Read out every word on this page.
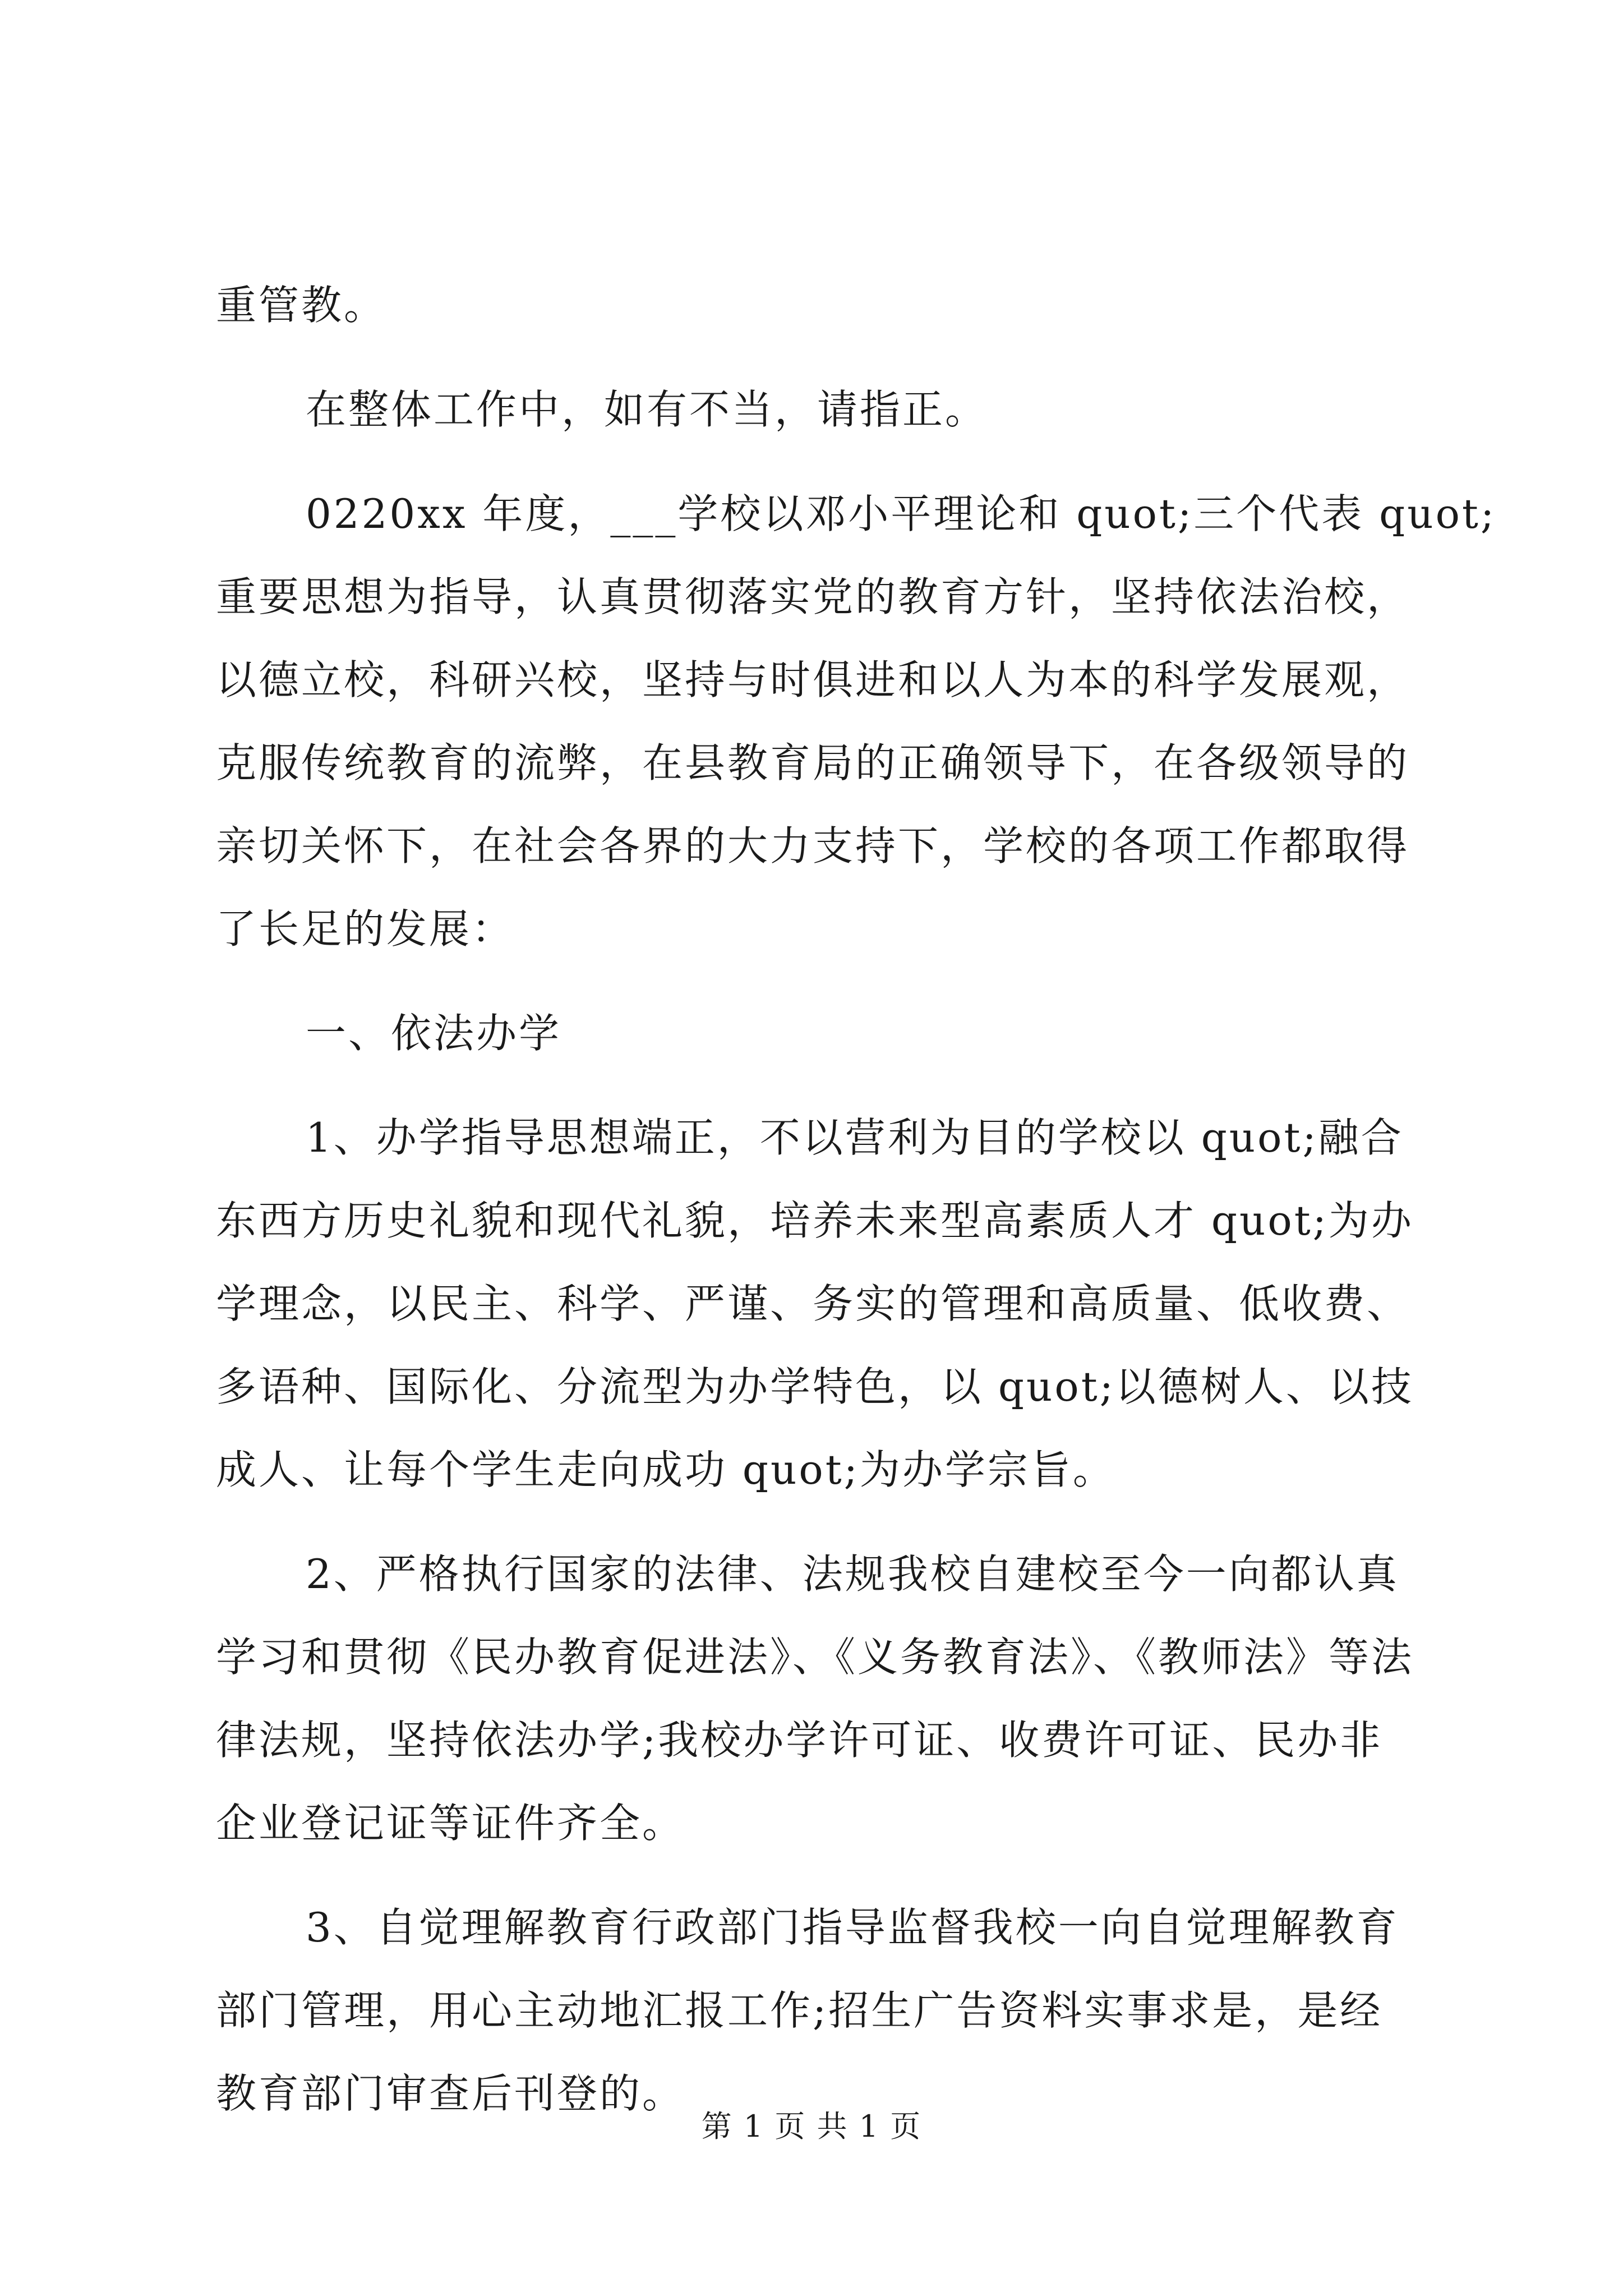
重管教。

在整体工作中，如有不当，请指正。

0220xx 年度，___学校以邓小平理论和 quot;三个代表 quot;
重要思想为指导，认真贯彻落实党的教育方针，坚持依法治校，
以德立校，科研兴校，坚持与时俱进和以人为本的科学发展观，
克服传统教育的流弊，在县教育局的正确领导下，在各级领导的
亲切关怀下，在社会各界的大力支持下，学校的各项工作都取得
了长足的发展：

一、依法办学

1、办学指导思想端正，不以营利为目的学校以 quot;融合
东西方历史礼貌和现代礼貌，培养未来型高素质人才 quot;为办
学理念，以民主、科学、严谨、务实的管理和高质量、低收费、
多语种、国际化、分流型为办学特色，以 quot;以德树人、以技
成人、让每个学生走向成功 quot;为办学宗旨。

2、严格执行国家的法律、法规我校自建校至今一向都认真
学习和贯彻《民办教育促进法》、《义务教育法》、《教师法》等法
律法规，坚持依法办学;我校办学许可证、收费许可证、民办非
企业登记证等证件齐全。

3、自觉理解教育行政部门指导监督我校一向自觉理解教育
部门管理，用心主动地汇报工作;招生广告资料实事求是，是经
教育部门审查后刊登的。

第 1 页 共 1 页
